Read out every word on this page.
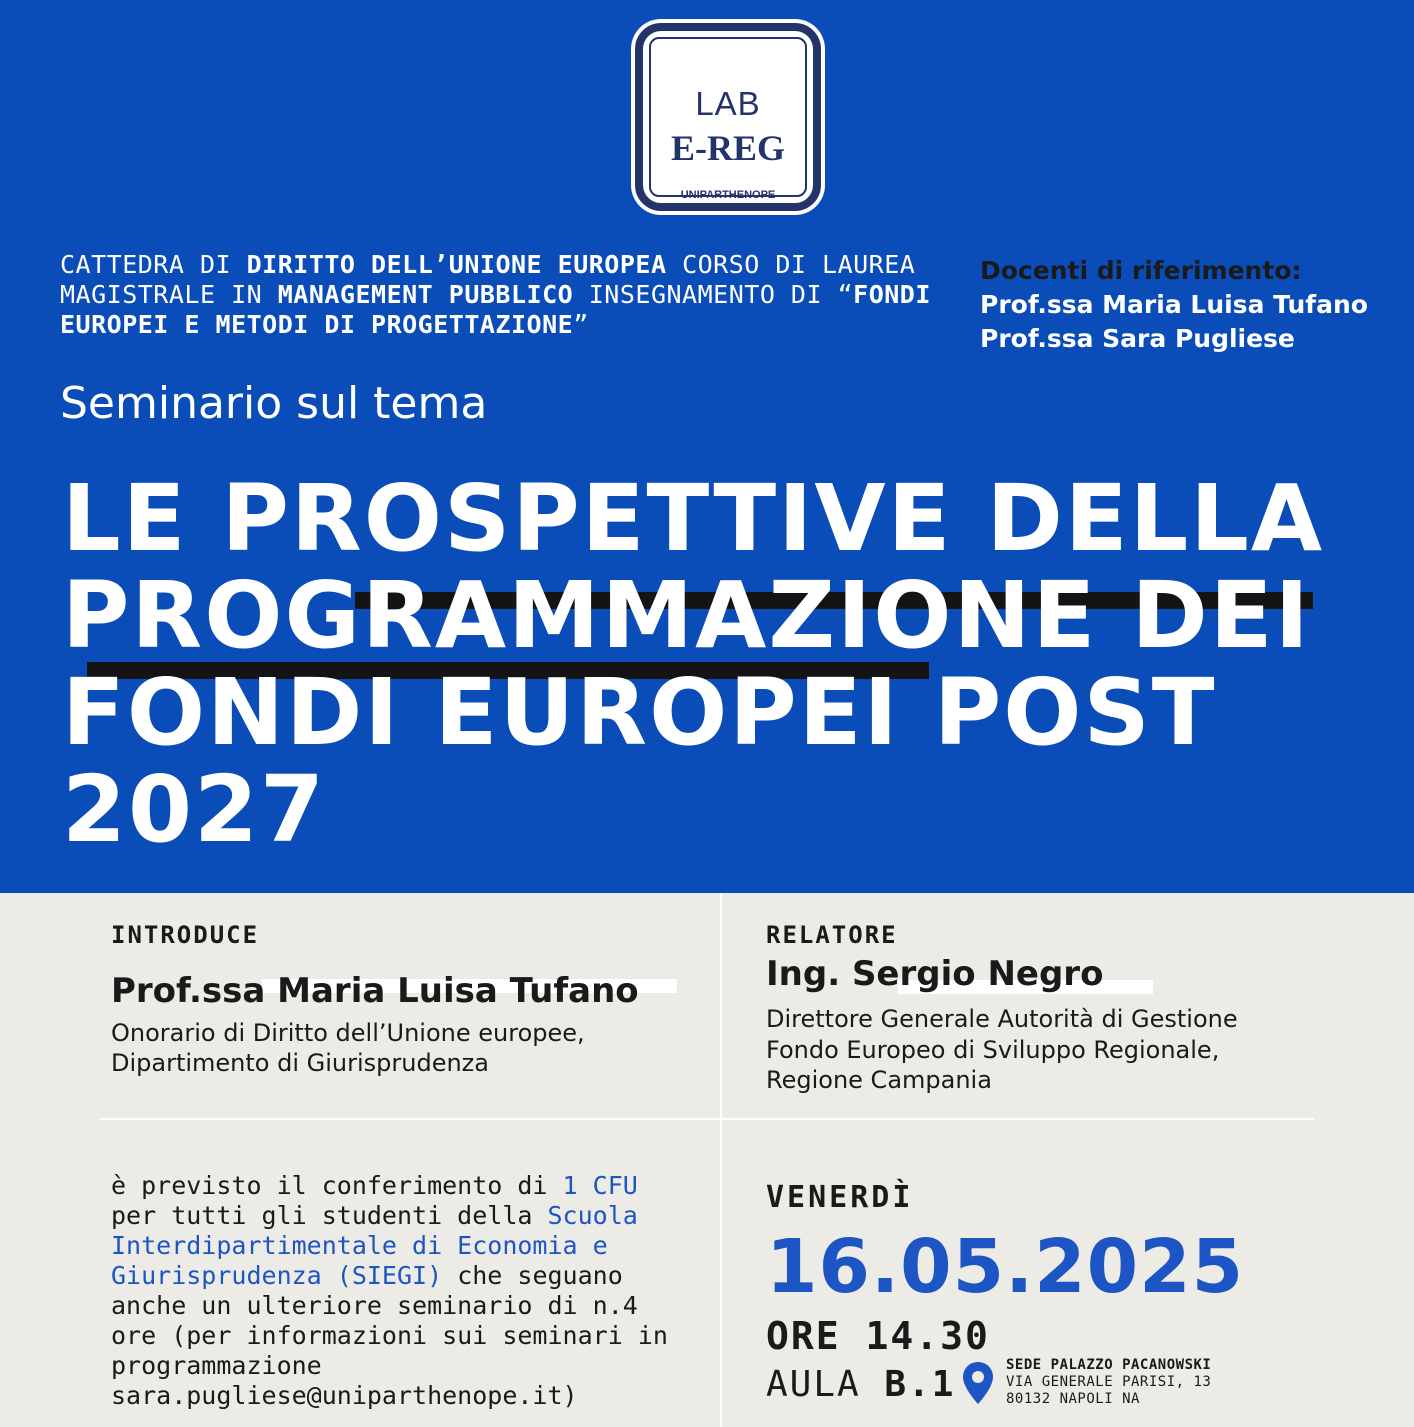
LAB
E-REG
UNIPARTHENOPE
CATTEDRA DI DIRITTO DELL’UNIONE EUROPEA CORSO DI LAUREA MAGISTRALE IN MANAGEMENT PUBBLICO INSEGNAMENTO DI “FONDI EUROPEI E METODI DI PROGETTAZIONE”
Docenti di riferimento:
Prof.ssa Maria Luisa Tufano
Prof.ssa Sara Pugliese
Seminario sul tema
LE PROSPETTIVE DELLA PROGRAMMAZIONE DEI FONDI EUROPEI POST 2027
INTRODUCE
Prof.ssa Maria Luisa Tufano
Onorario di Diritto dell’Unione europee,
Dipartimento di Giurisprudenza
RELATORE
Ing. Sergio Negro
Direttore Generale Autorità di Gestione
Fondo Europeo di Sviluppo Regionale,
Regione Campania
è previsto il conferimento di 1 CFU per tutti gli studenti della Scuola Interdipartimentale di Economia e Giurisprudenza (SIEGI) che seguano anche un ulteriore seminario di n.4 ore (per informazioni sui seminari in programmazione sara.pugliese@uniparthenope.it)
VENERDÌ
16.05.2025
ORE 14.30
AULA B.1	SEDE PALAZZO PACANOWSKI
VIA GENERALE PARISI, 13
80132 NAPOLI NA
